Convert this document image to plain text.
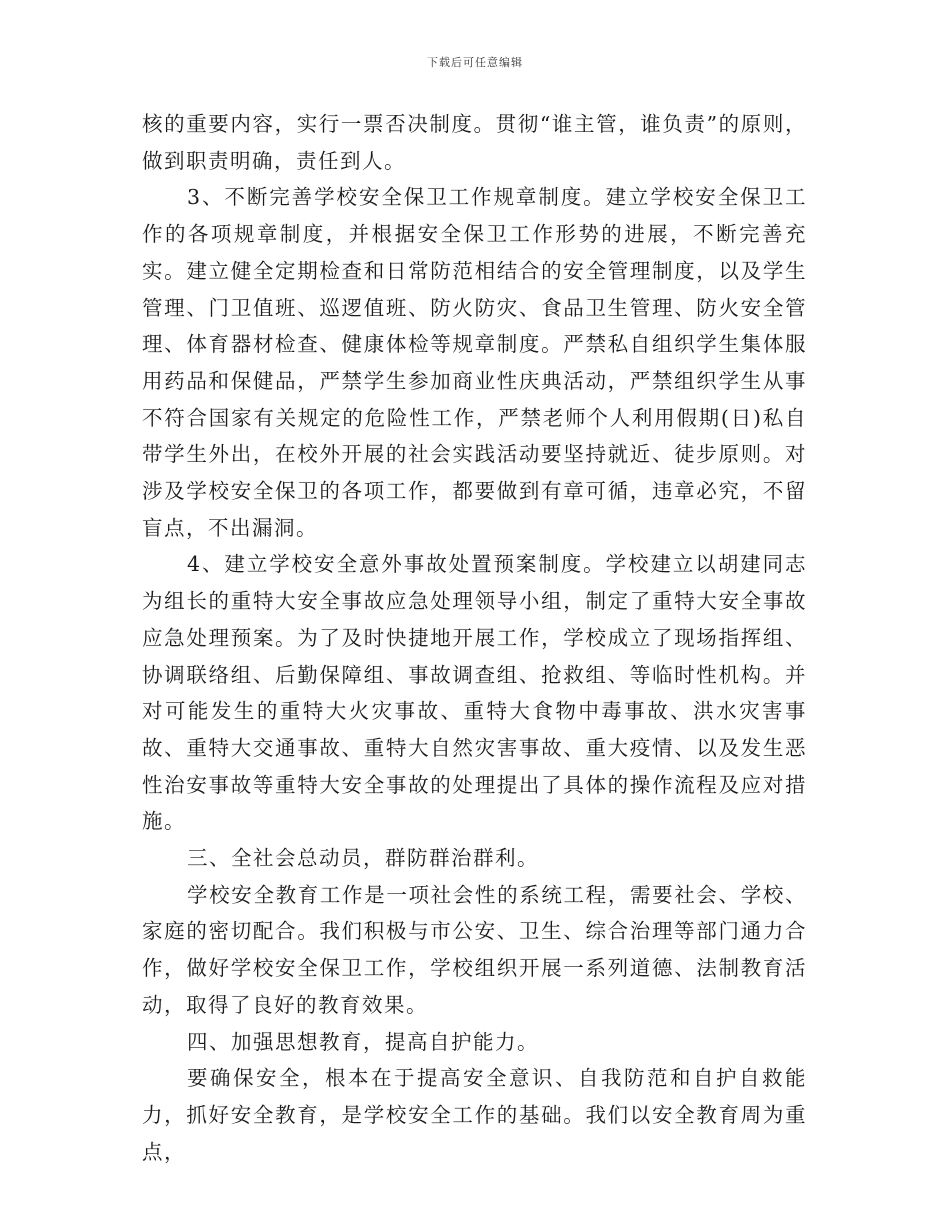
下载后可任意编辑

核的重要内容，实行一票否决制度。贯彻“谁主管，谁负责”的原则，做到职责明确，责任到人。

3、不断完善学校安全保卫工作规章制度。建立学校安全保卫工作的各项规章制度，并根据安全保卫工作形势的进展，不断完善充实。建立健全定期检查和日常防范相结合的安全管理制度，以及学生管理、门卫值班、巡逻值班、防火防灾、食品卫生管理、防火安全管理、体育器材检查、健康体检等规章制度。严禁私自组织学生集体服用药品和保健品，严禁学生参加商业性庆典活动，严禁组织学生从事不符合国家有关规定的危险性工作，严禁老师个人利用假期(日)私自带学生外出，在校外开展的社会实践活动要坚持就近、徒步原则。对涉及学校安全保卫的各项工作，都要做到有章可循，违章必究，不留盲点，不出漏洞。

4、建立学校安全意外事故处置预案制度。学校建立以胡建同志为组长的重特大安全事故应急处理领导小组，制定了重特大安全事故应急处理预案。为了及时快捷地开展工作，学校成立了现场指挥组、协调联络组、后勤保障组、事故调查组、抢救组、等临时性机构。并对可能发生的重特大火灾事故、重特大食物中毒事故、洪水灾害事故、重特大交通事故、重特大自然灾害事故、重大疫情、以及发生恶性治安事故等重特大安全事故的处理提出了具体的操作流程及应对措施。

三、全社会总动员，群防群治群利。

学校安全教育工作是一项社会性的系统工程，需要社会、学校、家庭的密切配合。我们积极与市公安、卫生、综合治理等部门通力合作，做好学校安全保卫工作，学校组织开展一系列道德、法制教育活动，取得了良好的教育效果。

四、加强思想教育，提高自护能力。

要确保安全，根本在于提高安全意识、自我防范和自护自救能力，抓好安全教育，是学校安全工作的基础。我们以安全教育周为重点，
